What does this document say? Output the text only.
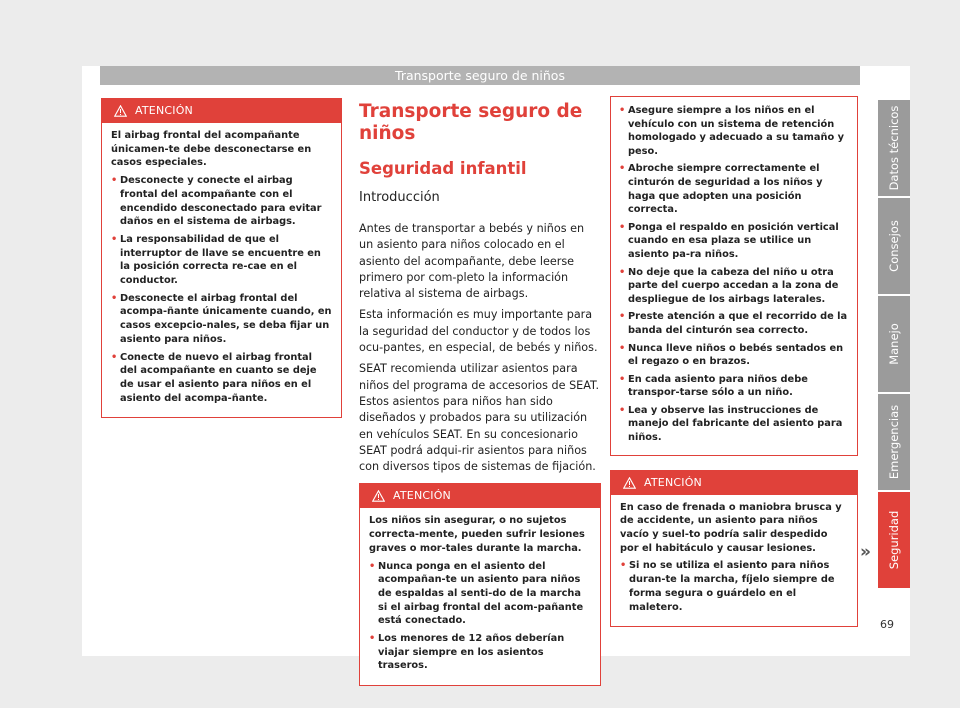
Transporte seguro de niños
ATENCIÓN

El airbag frontal del acompañante únicamen-te debe desconectarse en casos especiales.

• Desconecte y conecte el airbag frontal del acompañante con el encendido desconectado para evitar daños en el sistema de airbags.
• La responsabilidad de que el interruptor de llave se encuentre en la posición correcta re-cae en el conductor.
• Desconecte el airbag frontal del acompa-ñante únicamente cuando, en casos excepcio-nales, se deba fijar un asiento para niños.
• Conecte de nuevo el airbag frontal del acompañante en cuanto se deje de usar el asiento para niños en el asiento del acompa-ñante.
Transporte seguro de niños
Seguridad infantil
Introducción

Antes de transportar a bebés y niños en un asiento para niños colocado en el asiento del acompañante, debe leerse primero por com-pleto la información relativa al sistema de airbags.

Esta información es muy importante para la seguridad del conductor y de todos los ocu-pantes, en especial, de bebés y niños.

SEAT recomienda utilizar asientos para niños del programa de accesorios de SEAT. Estos asientos para niños han sido diseñados y probados para su utilización en vehículos SEAT. En su concesionario SEAT podrá adqui-rir asientos para niños con diversos tipos de sistemas de fijación.

ATENCIÓN

Los niños sin asegurar, o no sujetos correcta-mente, pueden sufrir lesiones graves o mor-tales durante la marcha.

• Nunca ponga en el asiento del acompañan-te un asiento para niños de espaldas al senti-do de la marcha si el airbag frontal del acom-pañante está conectado.
• Los menores de 12 años deberían viajar siempre en los asientos traseros.
• Asegure siempre a los niños en el vehículo con un sistema de retención homologado y adecuado a su tamaño y peso.
• Abroche siempre correctamente el cinturón de seguridad a los niños y haga que adopten una posición correcta.
• Ponga el respaldo en posición vertical cuando en esa plaza se utilice un asiento pa-ra niños.
• No deje que la cabeza del niño u otra parte del cuerpo accedan a la zona de despliegue de los airbags laterales.
• Preste atención a que el recorrido de la banda del cinturón sea correcto.
• Nunca lleve niños o bebés sentados en el regazo o en brazos.
• En cada asiento para niños debe transpor-tarse sólo a un niño.
• Lea y observe las instrucciones de manejo del fabricante del asiento para niños.
ATENCIÓN

En caso de frenada o maniobra brusca y de accidente, un asiento para niños vacío y suel-to podría salir despedido por el habitáculo y causar lesiones.

• Si no se utiliza el asiento para niños duran-te la marcha, fíjelo siempre de forma segura o guárdelo en el maletero.
»
Datos técnicos
Consejos
Manejo
Emergencias
Seguridad
69
